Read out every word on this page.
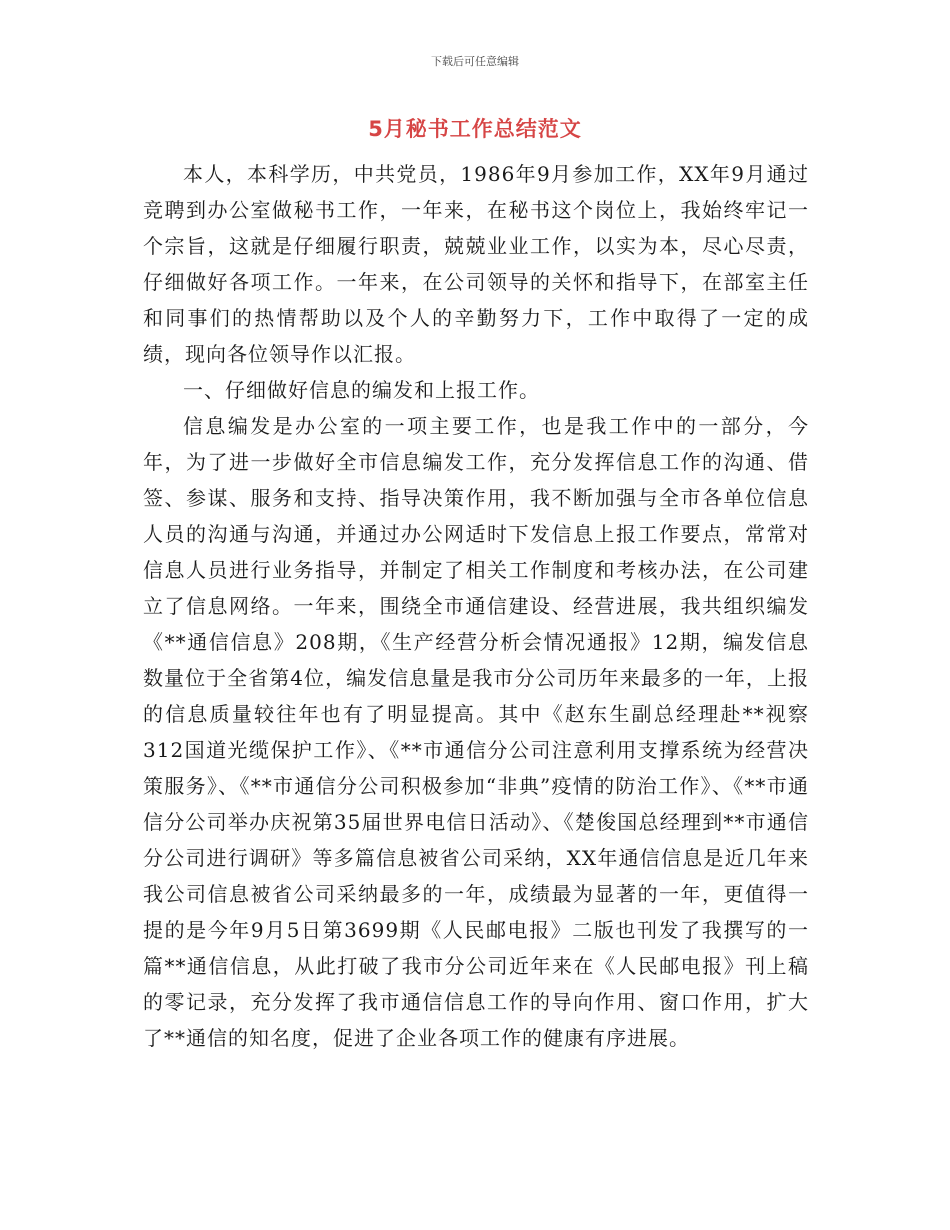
下载后可任意编辑
5月秘书工作总结范文

本人，本科学历，中共党员，1986年9月参加工作，XX年9月通过竞聘到办公室做秘书工作，一年来，在秘书这个岗位上，我始终牢记一个宗旨，这就是仔细履行职责，兢兢业业工作，以实为本，尽心尽责，仔细做好各项工作。一年来，在公司领导的关怀和指导下，在部室主任和同事们的热情帮助以及个人的辛勤努力下，工作中取得了一定的成绩，现向各位领导作以汇报。

一、仔细做好信息的编发和上报工作。

信息编发是办公室的一项主要工作，也是我工作中的一部分，今年，为了进一步做好全市信息编发工作，充分发挥信息工作的沟通、借签、参谋、服务和支持、指导决策作用，我不断加强与全市各单位信息人员的沟通与沟通，并通过办公网适时下发信息上报工作要点，常常对信息人员进行业务指导，并制定了相关工作制度和考核办法，在公司建立了信息网络。一年来，围绕全市通信建设、经营进展，我共组织编发《**通信信息》208期，《生产经营分析会情况通报》12期，编发信息数量位于全省第4位，编发信息量是我市分公司历年来最多的一年，上报的信息质量较往年也有了明显提高。其中《赵东生副总经理赴**视察312国道光缆保护工作》、《**市通信分公司注意利用支撑系统为经营决策服务》、《**市通信分公司积极参加“非典”疫情的防治工作》、《**市通信分公司举办庆祝第35届世界电信日活动》、《楚俊国总经理到**市通信分公司进行调研》等多篇信息被省公司采纳，XX年通信信息是近几年来我公司信息被省公司采纳最多的一年，成绩最为显著的一年，更值得一提的是今年9月5日第3699期《人民邮电报》二版也刊发了我撰写的一篇**通信信息，从此打破了我市分公司近年来在《人民邮电报》刊上稿的零记录，充分发挥了我市通信信息工作的导向作用、窗口作用，扩大了**通信的知名度，促进了企业各项工作的健康有序进展。
